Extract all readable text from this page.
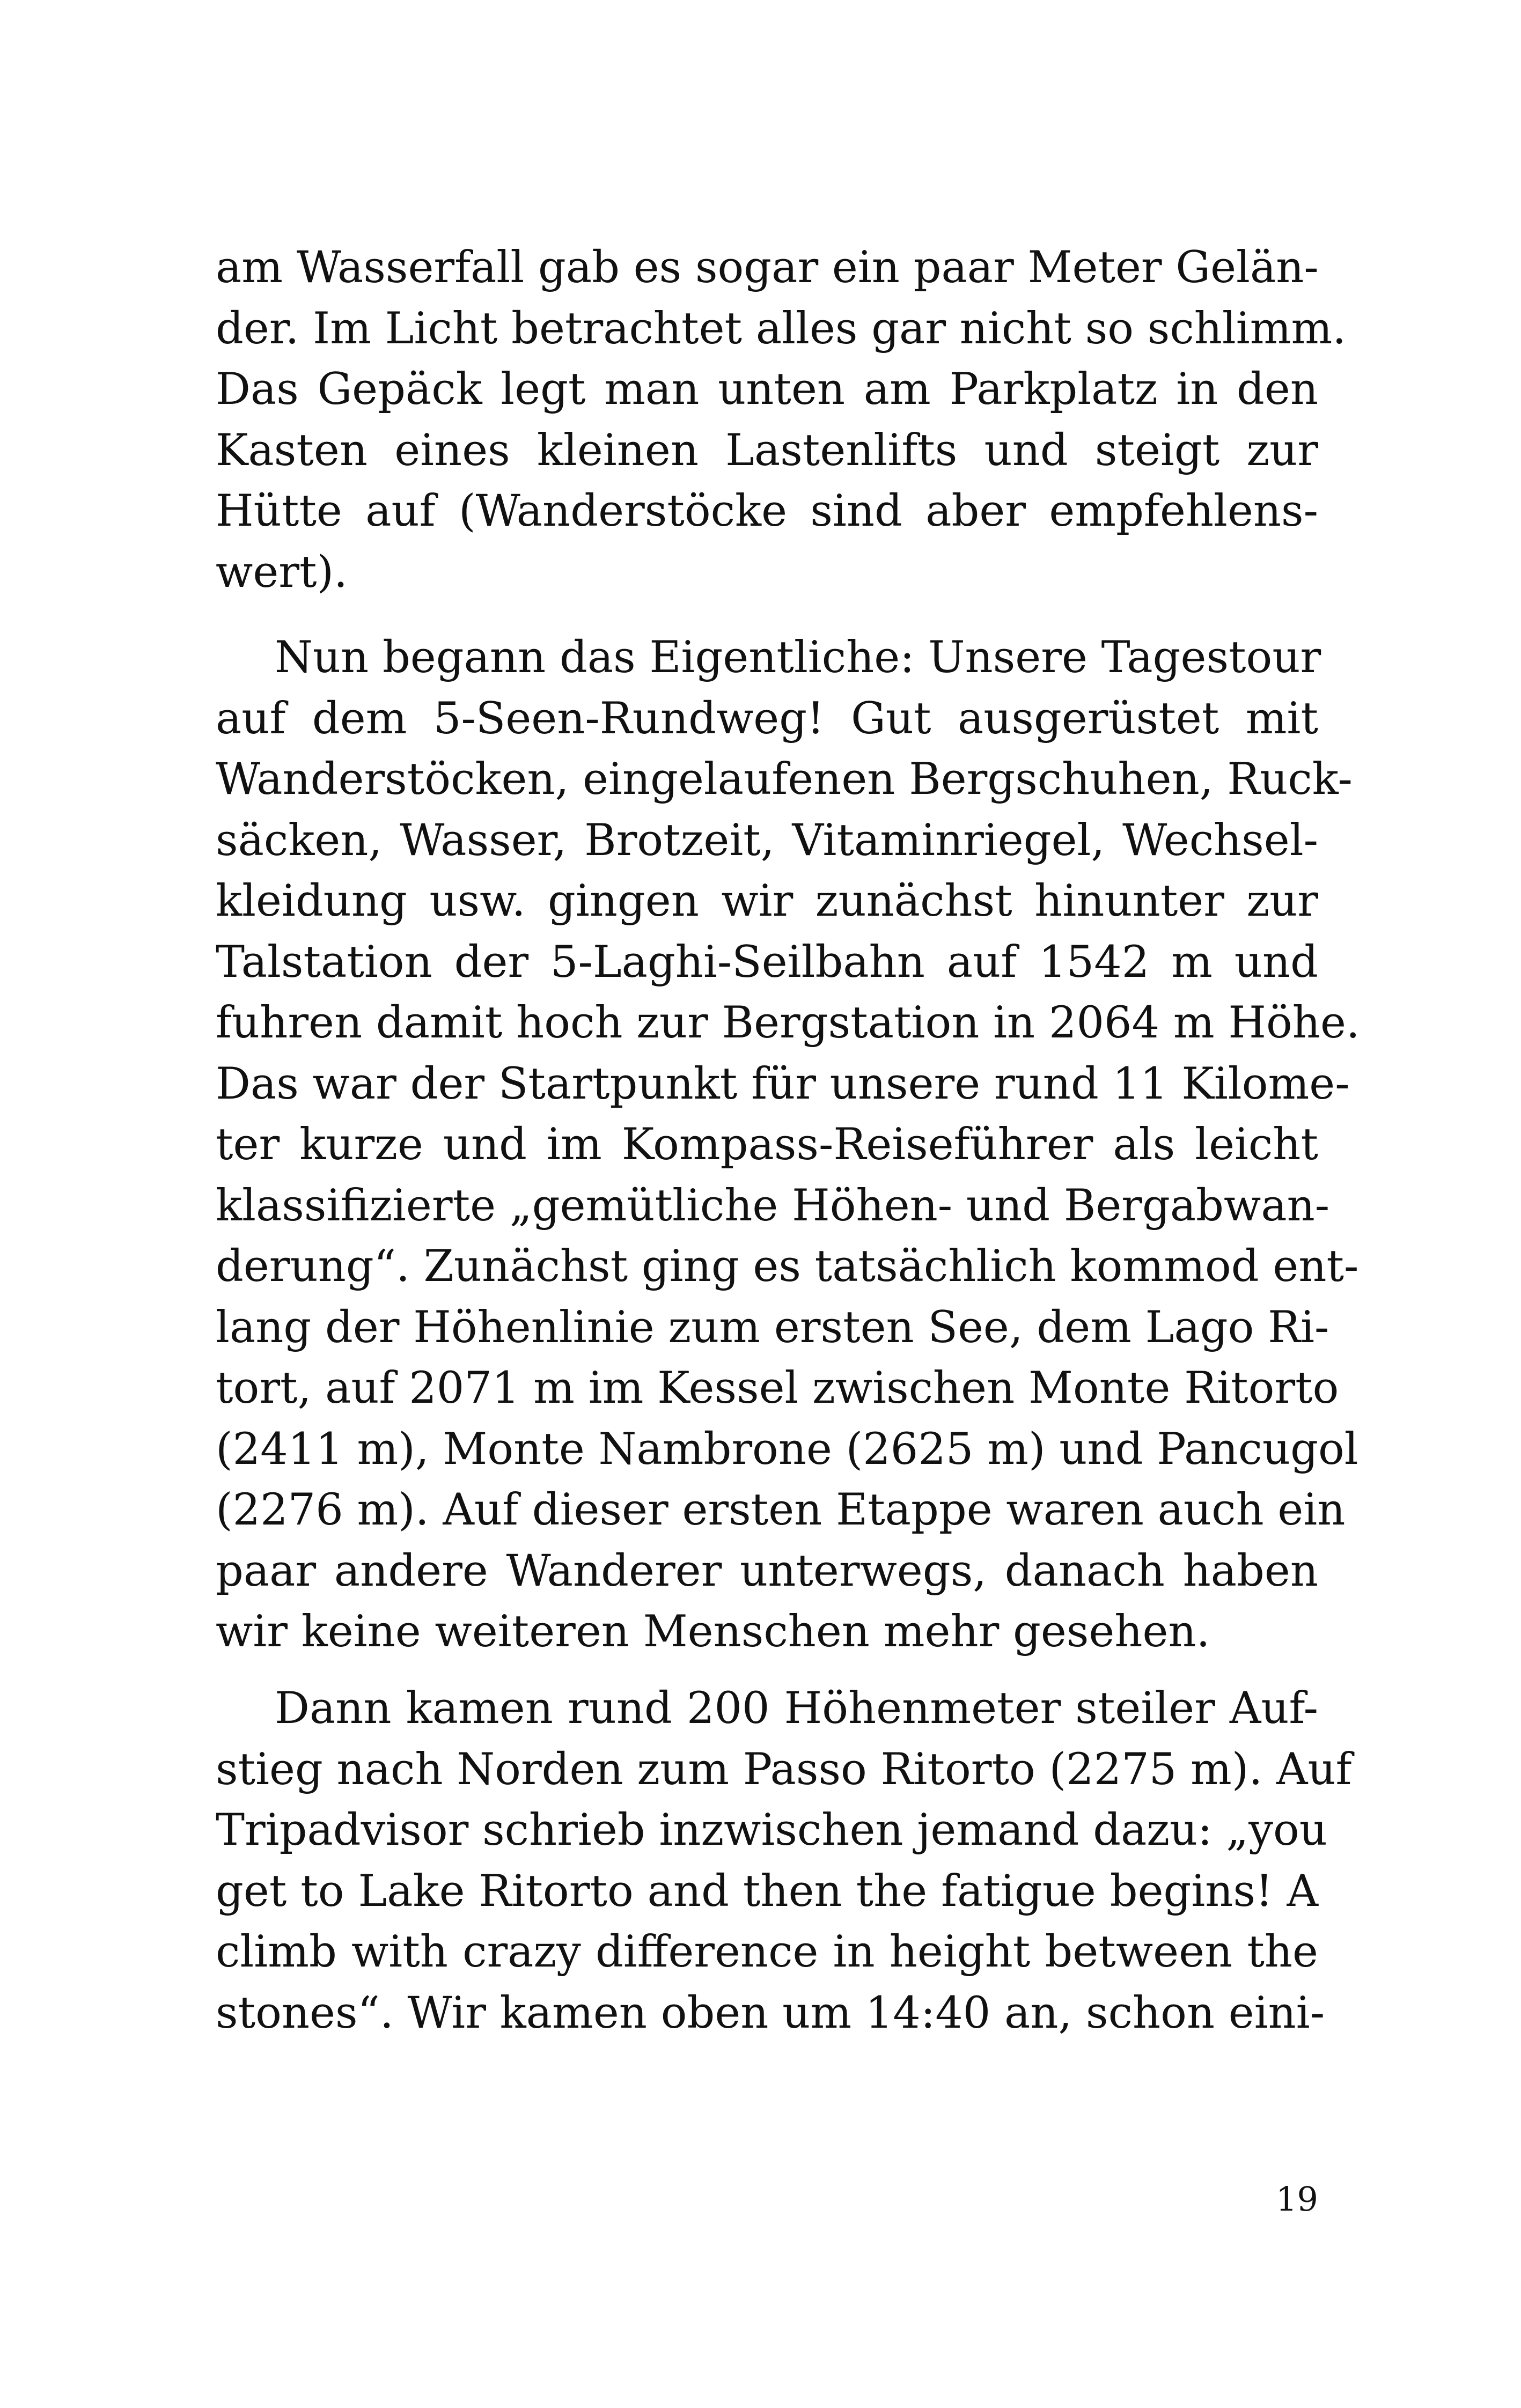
am Wasserfall gab es sogar ein paar Meter Gelän-
der. Im Licht betrachtet alles gar nicht so schlimm.
Das Gepäck legt man unten am Parkplatz in den
Kasten eines kleinen Lastenlifts und steigt zur
Hütte auf (Wanderstöcke sind aber empfehlens-
wert).
Nun begann das Eigentliche: Unsere Tagestour
auf dem 5-Seen-Rundweg! Gut ausgerüstet mit
Wanderstöcken, eingelaufenen Bergschuhen, Ruck-
säcken, Wasser, Brotzeit, Vitaminriegel, Wechsel-
kleidung usw. gingen wir zunächst hinunter zur
Talstation der 5-Laghi-Seilbahn auf 1542 m und
fuhren damit hoch zur Bergstation in 2064 m Höhe.
Das war der Startpunkt für unsere rund 11 Kilome-
ter kurze und im Kompass-Reiseführer als leicht
klassifizierte „gemütliche Höhen- und Bergabwan-
derung“. Zunächst ging es tatsächlich kommod ent-
lang der Höhenlinie zum ersten See, dem Lago Ri-
tort, auf 2071 m im Kessel zwischen Monte Ritorto
(2411 m), Monte Nambrone (2625 m) und Pancugol
(2276 m). Auf dieser ersten Etappe waren auch ein
paar andere Wanderer unterwegs, danach haben
wir keine weiteren Menschen mehr gesehen.
Dann kamen rund 200 Höhenmeter steiler Auf-
stieg nach Norden zum Passo Ritorto (2275 m). Auf
Tripadvisor schrieb inzwischen jemand dazu: „you
get to Lake Ritorto and then the fatigue begins! A
climb with crazy difference in height between the
stones“. Wir kamen oben um 14:40 an, schon eini-
19
